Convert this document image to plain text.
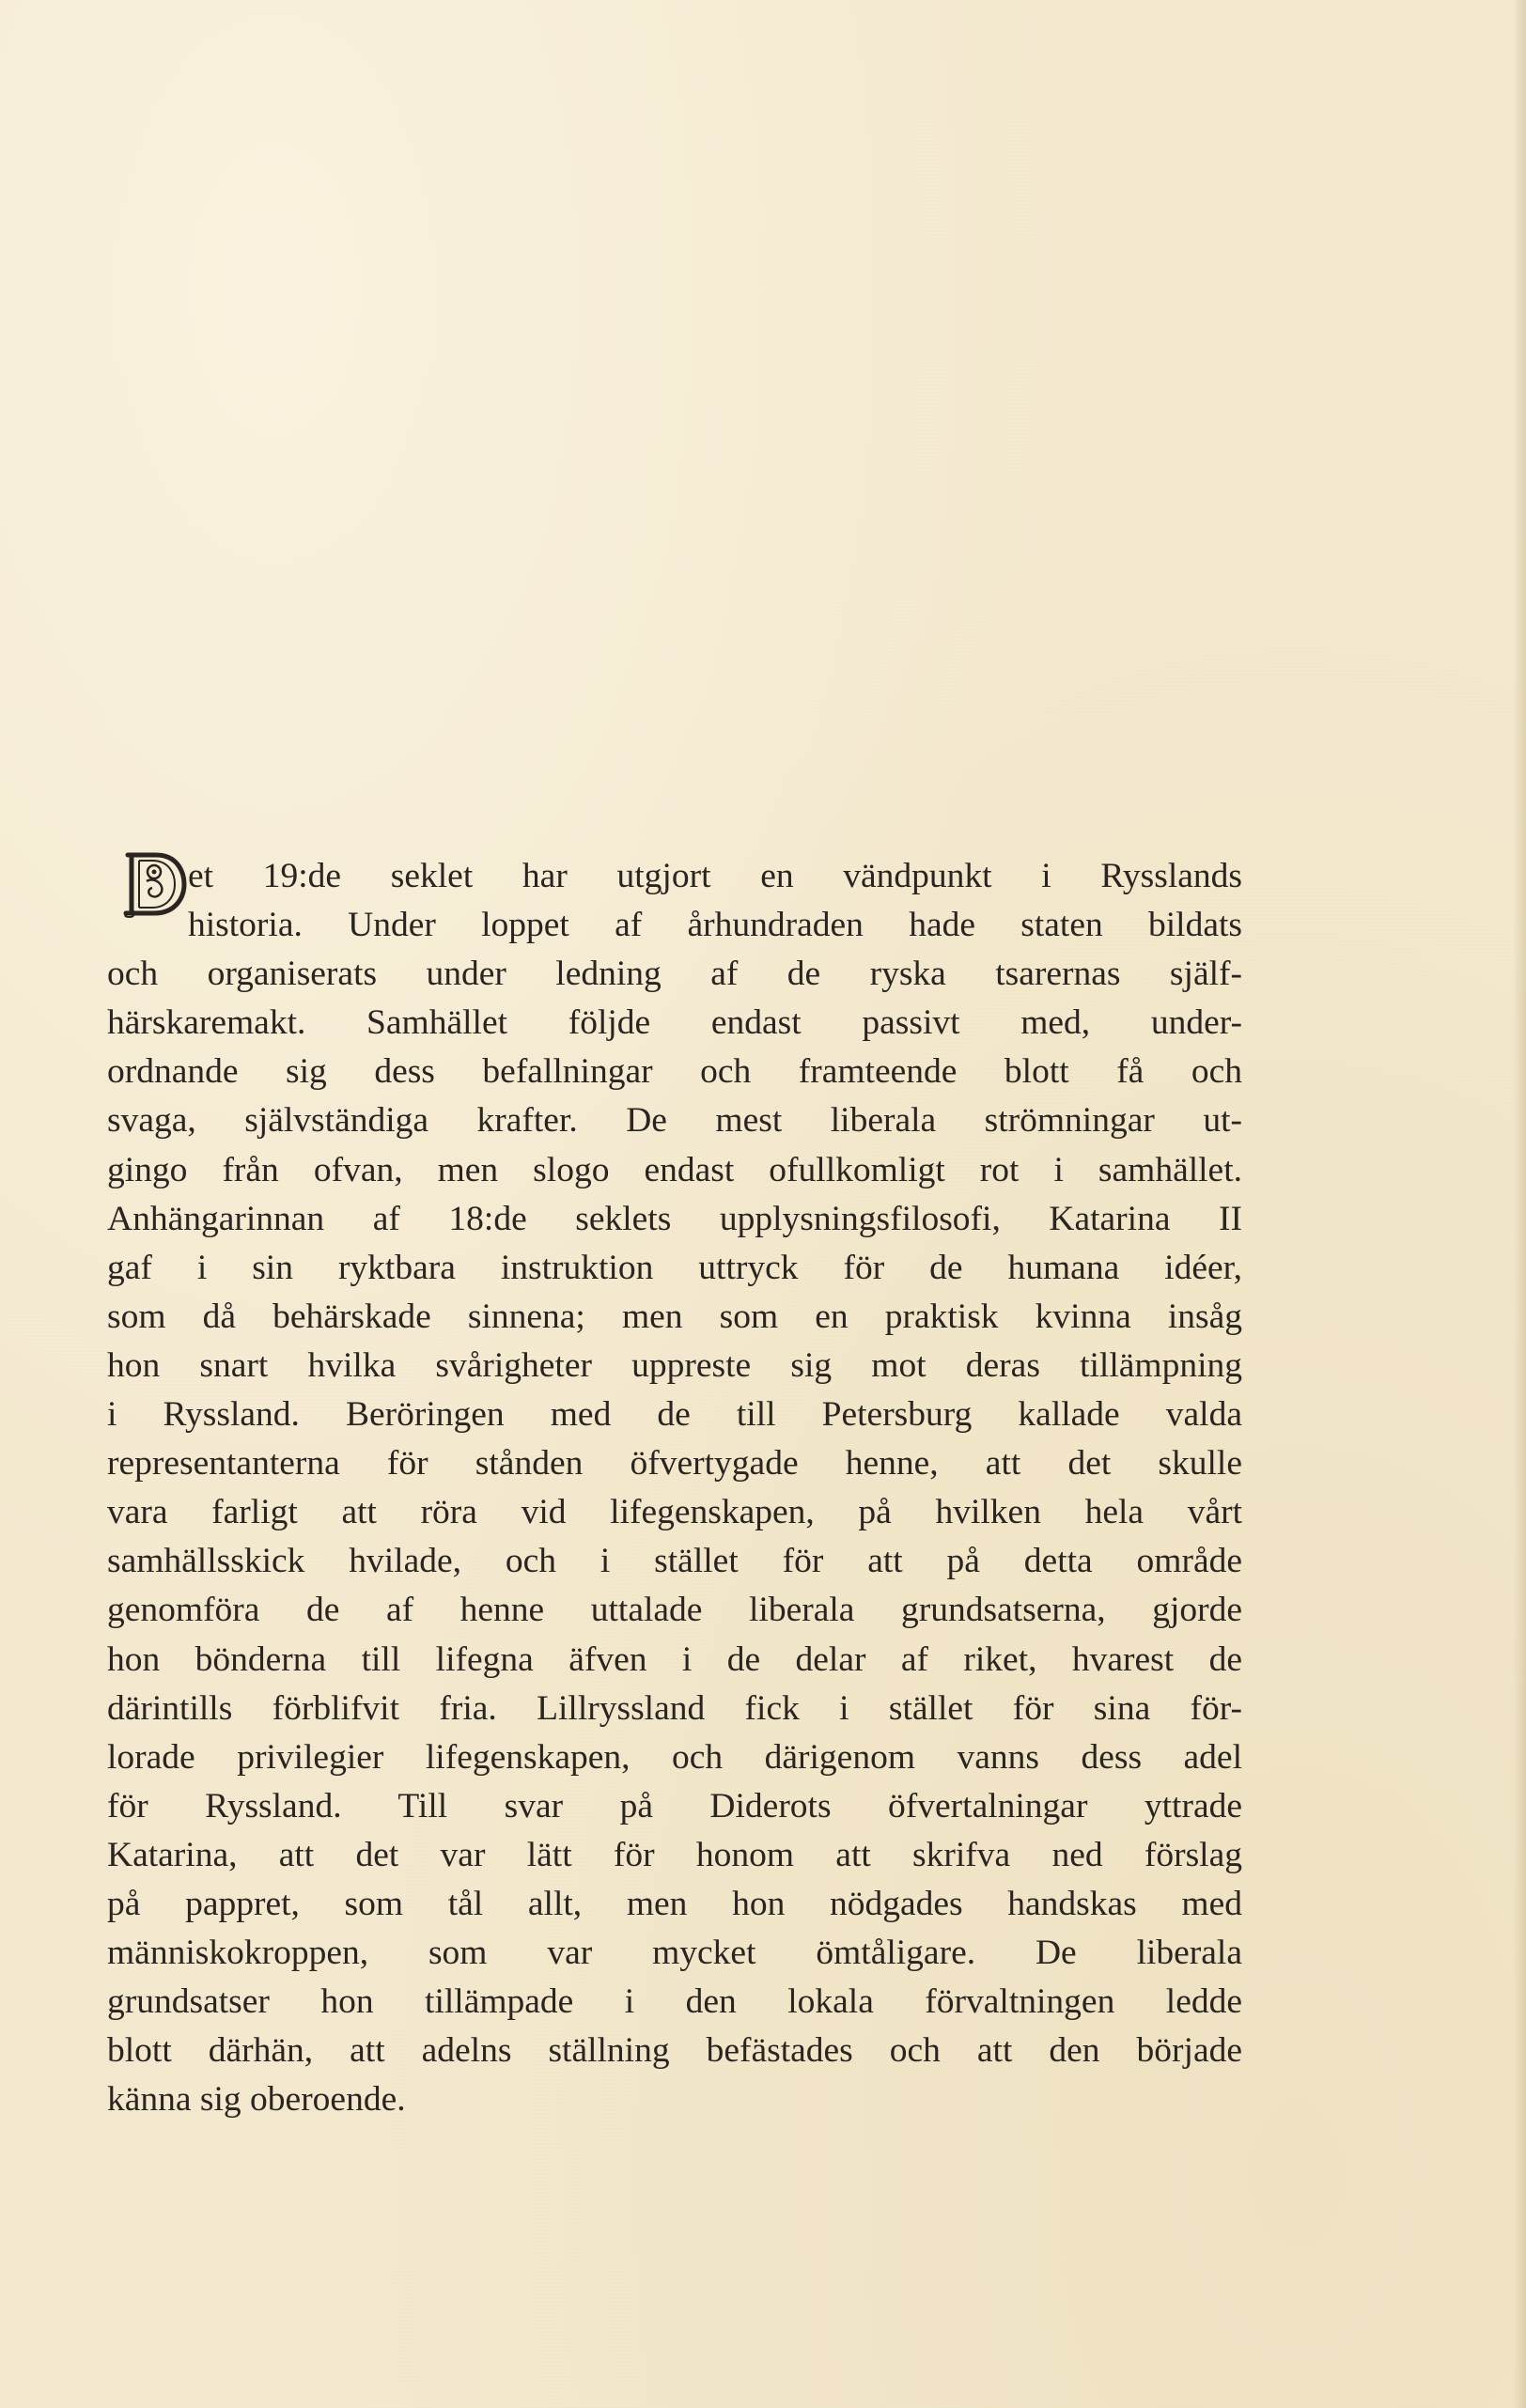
D
et 19:de seklet har utgjort en vändpunkt i Rysslands
historia. Under loppet af århundraden hade staten bildats
och organiserats under ledning af de ryska tsarernas själf-
härskaremakt. Samhället följde endast passivt med, under-
ordnande sig dess befallningar och framteende blott få och
svaga, självständiga krafter. De mest liberala strömningar ut-
gingo från ofvan, men slogo endast ofullkomligt rot i samhället.
Anhängarinnan af 18:de seklets upplysningsfilosofi, Katarina II
gaf i sin ryktbara instruktion uttryck för de humana idéer,
som då behärskade sinnena; men som en praktisk kvinna insåg
hon snart hvilka svårigheter uppreste sig mot deras tillämpning
i Ryssland. Beröringen med de till Petersburg kallade valda
representanterna för stånden öfvertygade henne, att det skulle
vara farligt att röra vid lifegenskapen, på hvilken hela vårt
samhällsskick hvilade, och i stället för att på detta område
genomföra de af henne uttalade liberala grundsatserna, gjorde
hon bönderna till lifegna äfven i de delar af riket, hvarest de
därintills förblifvit fria. Lillryssland fick i stället för sina för-
lorade privilegier lifegenskapen, och därigenom vanns dess adel
för Ryssland. Till svar på Diderots öfvertalningar yttrade
Katarina, att det var lätt för honom att skrifva ned förslag
på pappret, som tål allt, men hon nödgades handskas med
människokroppen, som var mycket ömtåligare. De liberala
grundsatser hon tillämpade i den lokala förvaltningen ledde
blott därhän, att adelns ställning befästades och att den började
känna sig oberoende.
